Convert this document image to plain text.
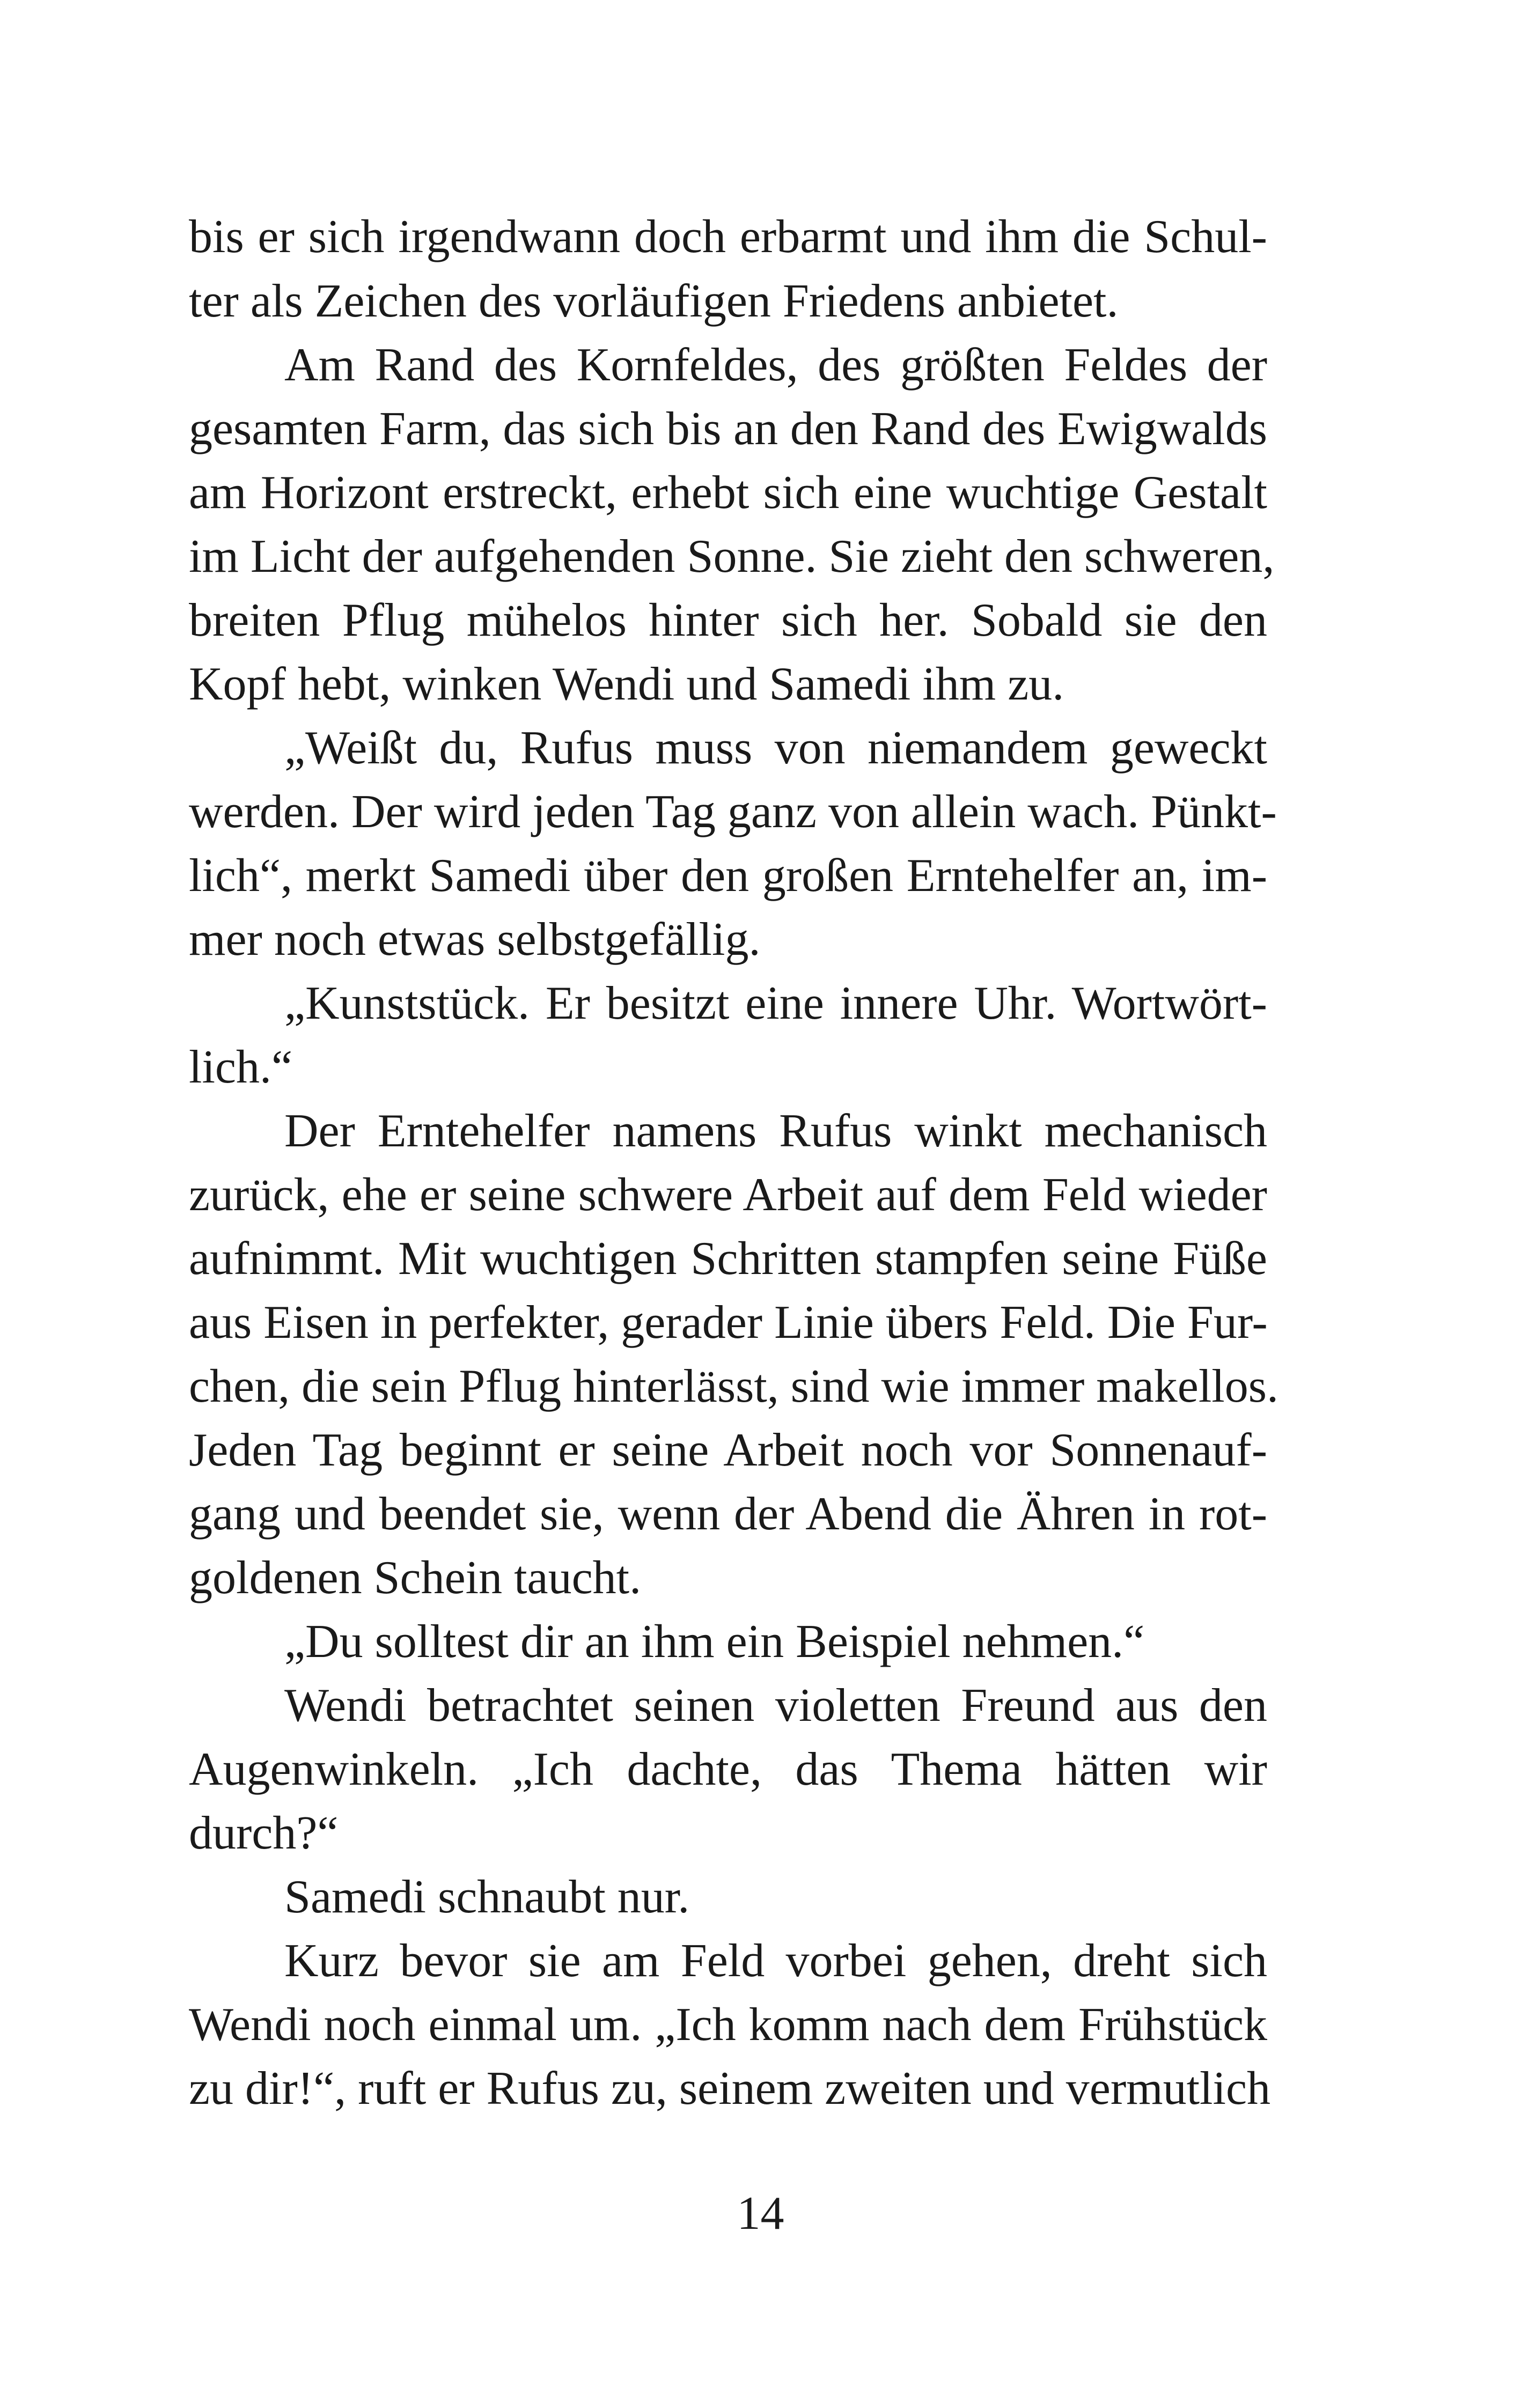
bis er sich irgendwann doch erbarmt und ihm die Schul-
ter als Zeichen des vorläufigen Friedens anbietet.
Am Rand des Kornfeldes, des größten Feldes der
gesamten Farm, das sich bis an den Rand des Ewigwalds
am Horizont erstreckt, erhebt sich eine wuchtige Gestalt
im Licht der aufgehenden Sonne. Sie zieht den schweren,
breiten Pflug mühelos hinter sich her. Sobald sie den
Kopf hebt, winken Wendi und Samedi ihm zu.
„Weißt du, Rufus muss von niemandem geweckt
werden. Der wird jeden Tag ganz von allein wach. Pünkt-
lich“, merkt Samedi über den großen Erntehelfer an, im-
mer noch etwas selbstgefällig.
„Kunststück. Er besitzt eine innere Uhr. Wortwört-
lich.“
Der Erntehelfer namens Rufus winkt mechanisch
zurück, ehe er seine schwere Arbeit auf dem Feld wieder
aufnimmt. Mit wuchtigen Schritten stampfen seine Füße
aus Eisen in perfekter, gerader Linie übers Feld. Die Fur-
chen, die sein Pflug hinterlässt, sind wie immer makellos.
Jeden Tag beginnt er seine Arbeit noch vor Sonnenauf-
gang und beendet sie, wenn der Abend die Ähren in rot-
goldenen Schein taucht.
„Du solltest dir an ihm ein Beispiel nehmen.“
Wendi betrachtet seinen violetten Freund aus den
Augenwinkeln. „Ich dachte, das Thema hätten wir
durch?“
Samedi schnaubt nur.
Kurz bevor sie am Feld vorbei gehen, dreht sich
Wendi noch einmal um. „Ich komm nach dem Frühstück
zu dir!“, ruft er Rufus zu, seinem zweiten und vermutlich
14
